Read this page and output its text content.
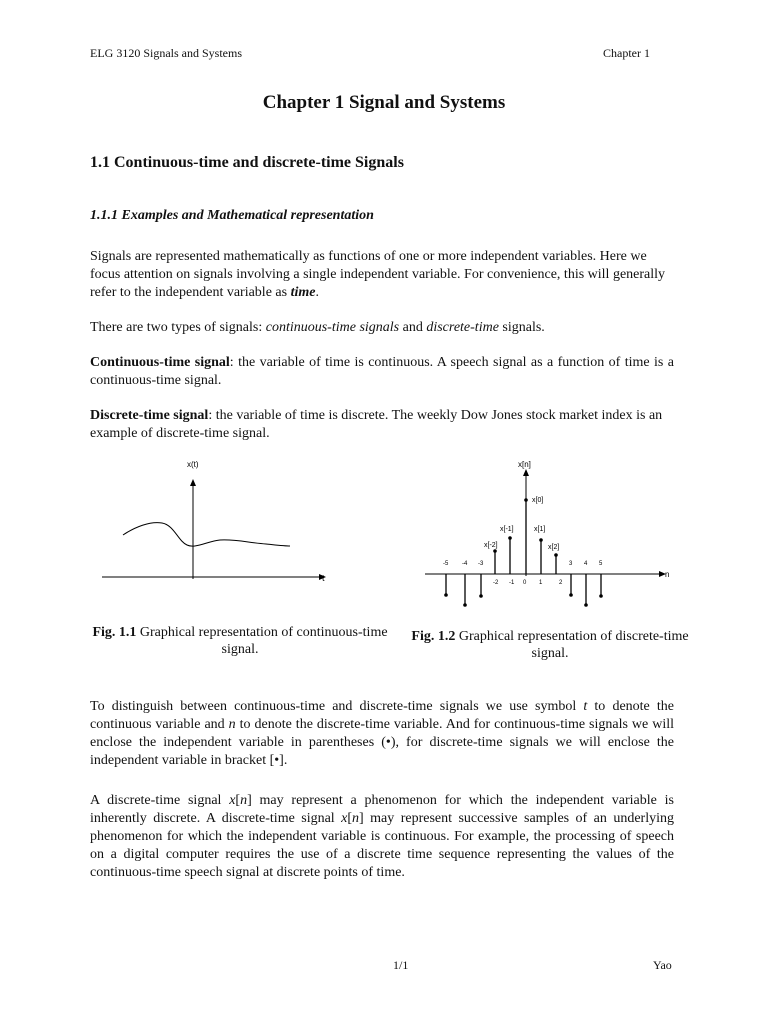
ELG 3120 Signals and Systems	Chapter 1
Chapter 1 Signal and Systems
1.1 Continuous-time and discrete-time Signals
1.1.1 Examples and Mathematical representation

Signals are represented mathematically as functions of one or more independent variables. Here we focus attention on signals involving a single independent variable. For convenience, this will generally refer to the independent variable as time.

There are two types of signals: continuous-time signals and discrete-time signals.

Continuous-time signal: the variable of time is continuous. A speech signal as a function of time is a continuous-time signal.

Discrete-time signal: the variable of time is discrete. The weekly Dow Jones stock market index is an example of discrete-time signal.

x(t)
t
x[n]
n
x[-2]
x[-1]
x[0]
x[1]
x[2]
-5 -4 -3	3 4 5
-2 -1 0 1	2
Fig. 1.1 Graphical representation of continuous-time signal.
Fig. 1.2 Graphical representation of discrete-time signal.

To distinguish between continuous-time and discrete-time signals we use symbol t to denote the continuous variable and n to denote the discrete-time variable. And for continuous-time signals we will enclose the independent variable in parentheses (•), for discrete-time signals we will enclose the independent variable in bracket [•].

A discrete-time signal x[n] may represent a phenomenon for which the independent variable is inherently discrete. A discrete-time signal x[n] may represent successive samples of an underlying phenomenon for which the independent variable is continuous. For example, the processing of speech on a digital computer requires the use of a discrete time sequence representing the values of the continuous-time speech signal at discrete points of time.

1/1	Yao
